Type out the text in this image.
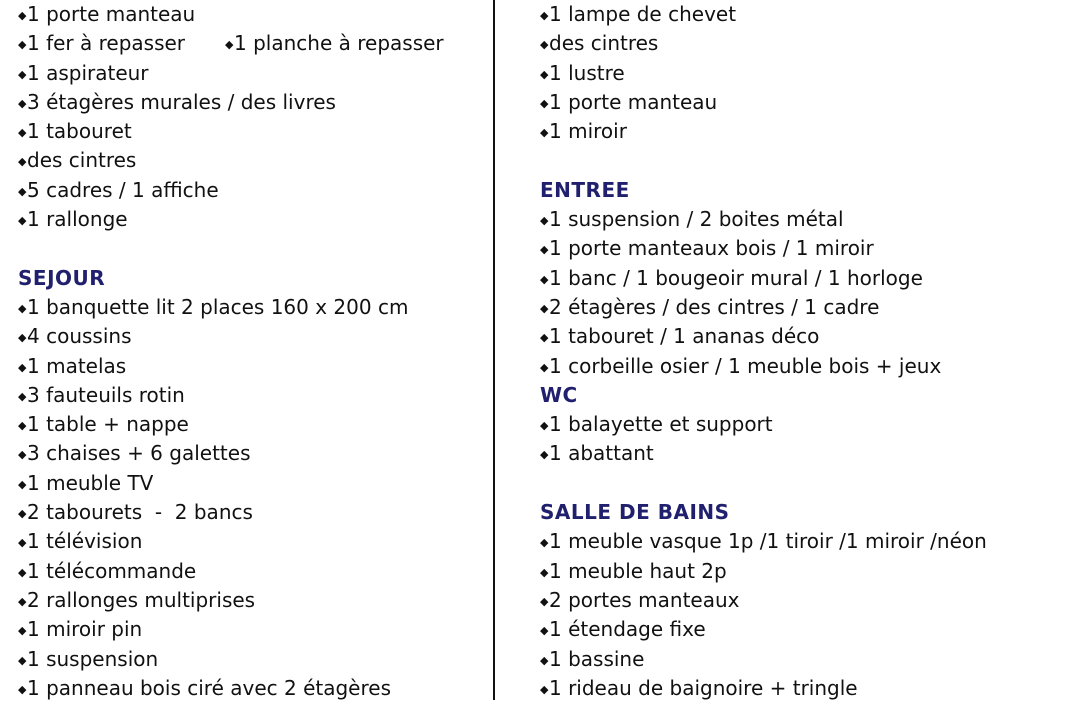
◆1 porte manteau
◆1 fer à repasser	◆1 planche à repasser
◆1 aspirateur
◆3 étagères murales / des livres
◆1 tabouret
◆des cintres
◆5 cadres / 1 affiche
◆1 rallonge
SEJOUR
◆1 banquette lit 2 places 160 x 200 cm
◆4 coussins
◆1 matelas
◆3 fauteuils rotin
◆1 table + nappe
◆3 chaises + 6 galettes
◆1 meuble TV
◆2 tabourets  -  2 bancs
◆1 télévision
◆1 télécommande
◆2 rallonges multiprises
◆1 miroir pin
◆1 suspension
◆1 panneau bois ciré avec 2 étagères
◆1 lampe de chevet
◆des cintres
◆1 lustre
◆1 porte manteau
◆1 miroir
ENTREE
◆1 suspension / 2 boites métal
◆1 porte manteaux bois / 1 miroir
◆1 banc / 1 bougeoir mural / 1 horloge
◆2 étagères / des cintres / 1 cadre
◆1 tabouret / 1 ananas déco
◆1 corbeille osier / 1 meuble bois + jeux
WC
◆1 balayette et support
◆1 abattant
SALLE DE BAINS
◆1 meuble vasque 1p /1 tiroir /1 miroir /néon
◆1 meuble haut 2p
◆2 portes manteaux
◆1 étendage fixe
◆1 bassine
◆1 rideau de baignoire + tringle
